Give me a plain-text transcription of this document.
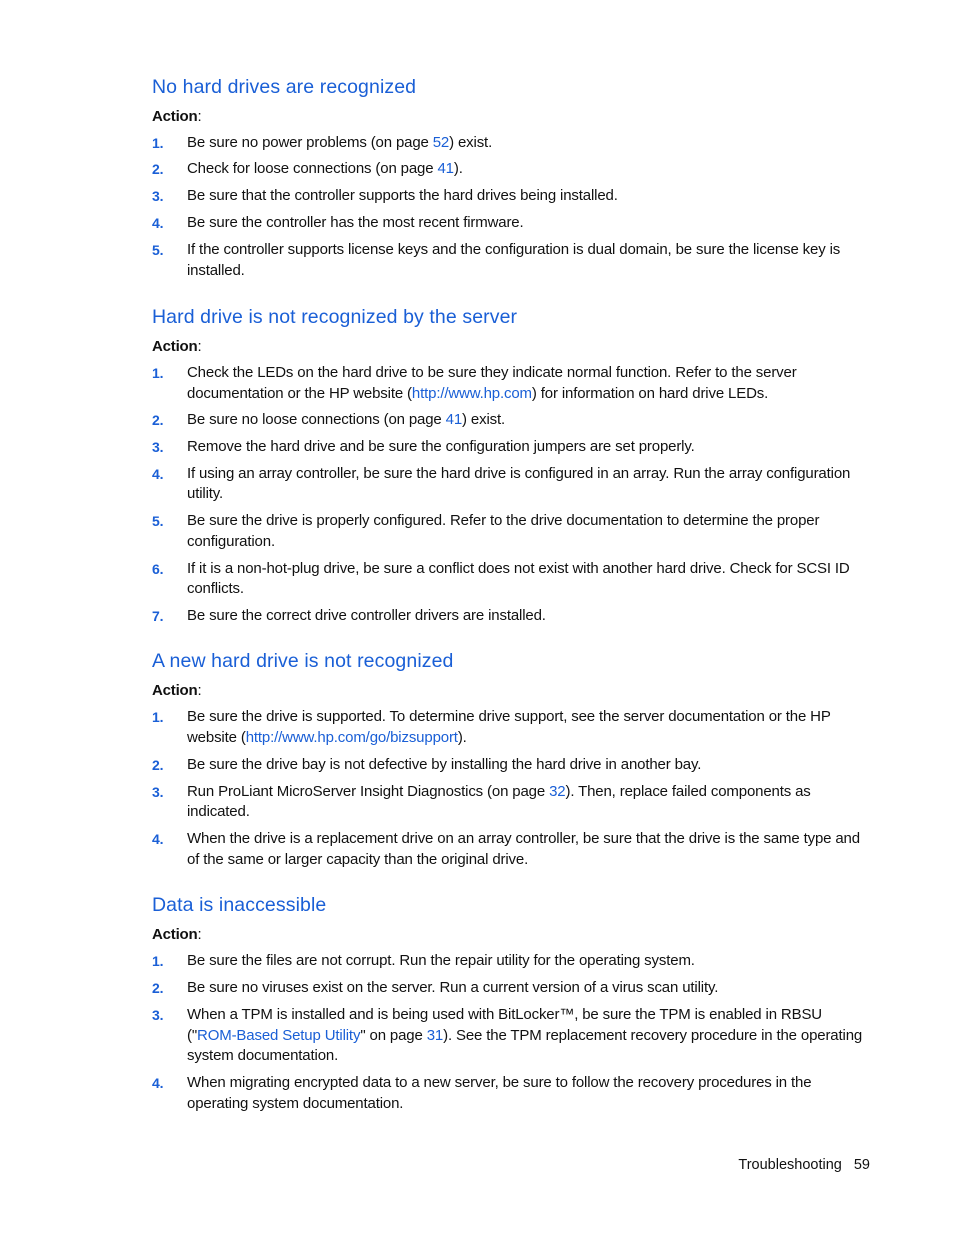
No hard drives are recognized
Action:
1. Be sure no power problems (on page 52) exist.
2. Check for loose connections (on page 41).
3. Be sure that the controller supports the hard drives being installed.
4. Be sure the controller has the most recent firmware.
5. If the controller supports license keys and the configuration is dual domain, be sure the license key is installed.
Hard drive is not recognized by the server
Action:
1. Check the LEDs on the hard drive to be sure they indicate normal function. Refer to the server documentation or the HP website (http://www.hp.com) for information on hard drive LEDs.
2. Be sure no loose connections (on page 41) exist.
3. Remove the hard drive and be sure the configuration jumpers are set properly.
4. If using an array controller, be sure the hard drive is configured in an array. Run the array configuration utility.
5. Be sure the drive is properly configured. Refer to the drive documentation to determine the proper configuration.
6. If it is a non-hot-plug drive, be sure a conflict does not exist with another hard drive. Check for SCSI ID conflicts.
7. Be sure the correct drive controller drivers are installed.
A new hard drive is not recognized
Action:
1. Be sure the drive is supported. To determine drive support, see the server documentation or the HP website (http://www.hp.com/go/bizsupport).
2. Be sure the drive bay is not defective by installing the hard drive in another bay.
3. Run ProLiant MicroServer Insight Diagnostics (on page 32). Then, replace failed components as indicated.
4. When the drive is a replacement drive on an array controller, be sure that the drive is the same type and of the same or larger capacity than the original drive.
Data is inaccessible
Action:
1. Be sure the files are not corrupt. Run the repair utility for the operating system.
2. Be sure no viruses exist on the server. Run a current version of a virus scan utility.
3. When a TPM is installed and is being used with BitLocker™, be sure the TPM is enabled in RBSU ("ROM-Based Setup Utility" on page 31). See the TPM replacement recovery procedure in the operating system documentation.
4. When migrating encrypted data to a new server, be sure to follow the recovery procedures in the operating system documentation.
Troubleshooting 59
